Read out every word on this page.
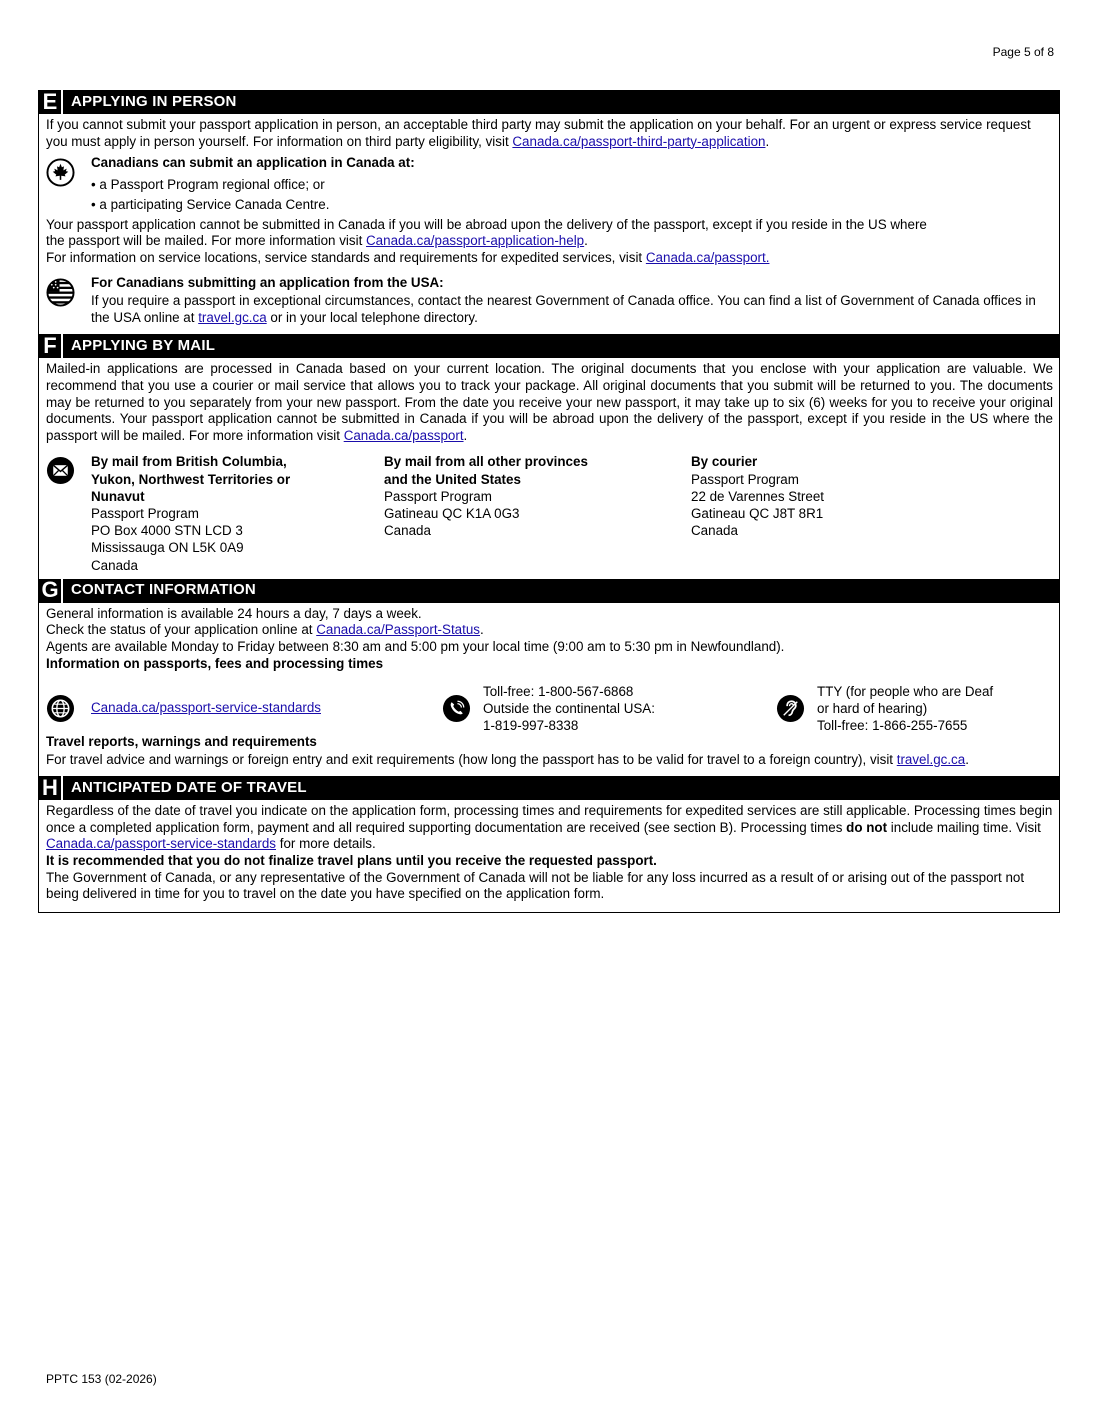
Page 5 of 8
E APPLYING IN PERSON

If you cannot submit your passport application in person, an acceptable third party may submit the application on your behalf. For an urgent or express service request you must apply in person yourself. For information on third party eligibility, visit Canada.ca/passport-third-party-application.

Canadians can submit an application in Canada at:
• a Passport Program regional office; or
• a participating Service Canada Centre.

Your passport application cannot be submitted in Canada if you will be abroad upon the delivery of the passport, except if you reside in the US where
the passport will be mailed. For more information visit Canada.ca/passport-application-help.
For information on service locations, service standards and requirements for expedited services, visit Canada.ca/passport.

For Canadians submitting an application from the USA:

If you require a passport in exceptional circumstances, contact the nearest Government of Canada office. You can find a list of Government of Canada offices in the USA online at travel.gc.ca or in your local telephone directory.

F APPLYING BY MAIL

Mailed-in applications are processed in Canada based on your current location. The original documents that you enclose with your application are valuable. We recommend that you use a courier or mail service that allows you to track your package. All original documents that you submit will be returned to you. The documents may be returned to you separately from your new passport. From the date you receive your new passport, it may take up to six (6) weeks for you to receive your original documents. Your passport application cannot be submitted in Canada if you will be abroad upon the delivery of the passport, except if you reside in the US where the passport will be mailed. For more information visit Canada.ca/passport.

By mail from British Columbia,
Yukon, Northwest Territories or
Nunavut
Passport Program
PO Box 4000 STN LCD 3
Mississauga ON L5K 0A9
Canada
By mail from all other provinces
and the United States
Passport Program
Gatineau QC K1A 0G3
Canada
By courier
Passport Program
22 de Varennes Street
Gatineau QC J8T 8R1
Canada
G CONTACT INFORMATION

General information is available 24 hours a day, 7 days a week.

Check the status of your application online at Canada.ca/Passport-Status.

Agents are available Monday to Friday between 8:30 am and 5:00 pm your local time (9:00 am to 5:30 pm in Newfoundland).

Information on passports, fees and processing times

Canada.ca/passport-service-standards
Toll-free: 1-800-567-6868
Outside the continental USA:
1-819-997-8338
TTY (for people who are Deaf
or hard of hearing)
Toll-free: 1-866-255-7655

Travel reports, warnings and requirements

For travel advice and warnings or foreign entry and exit requirements (how long the passport has to be valid for travel to a foreign country), visit travel.gc.ca.

H ANTICIPATED DATE OF TRAVEL

Regardless of the date of travel you indicate on the application form, processing times and requirements for expedited services are still applicable. Processing times begin once a completed application form, payment and all required supporting documentation are received (see section B). Processing times do not include mailing time. Visit Canada.ca/passport-service-standards for more details.

It is recommended that you do not finalize travel plans until you receive the requested passport.

The Government of Canada, or any representative of the Government of Canada will not be liable for any loss incurred as a result of or arising out of the passport not being delivered in time for you to travel on the date you have specified on the application form.

PPTC 153 (02-2026)
